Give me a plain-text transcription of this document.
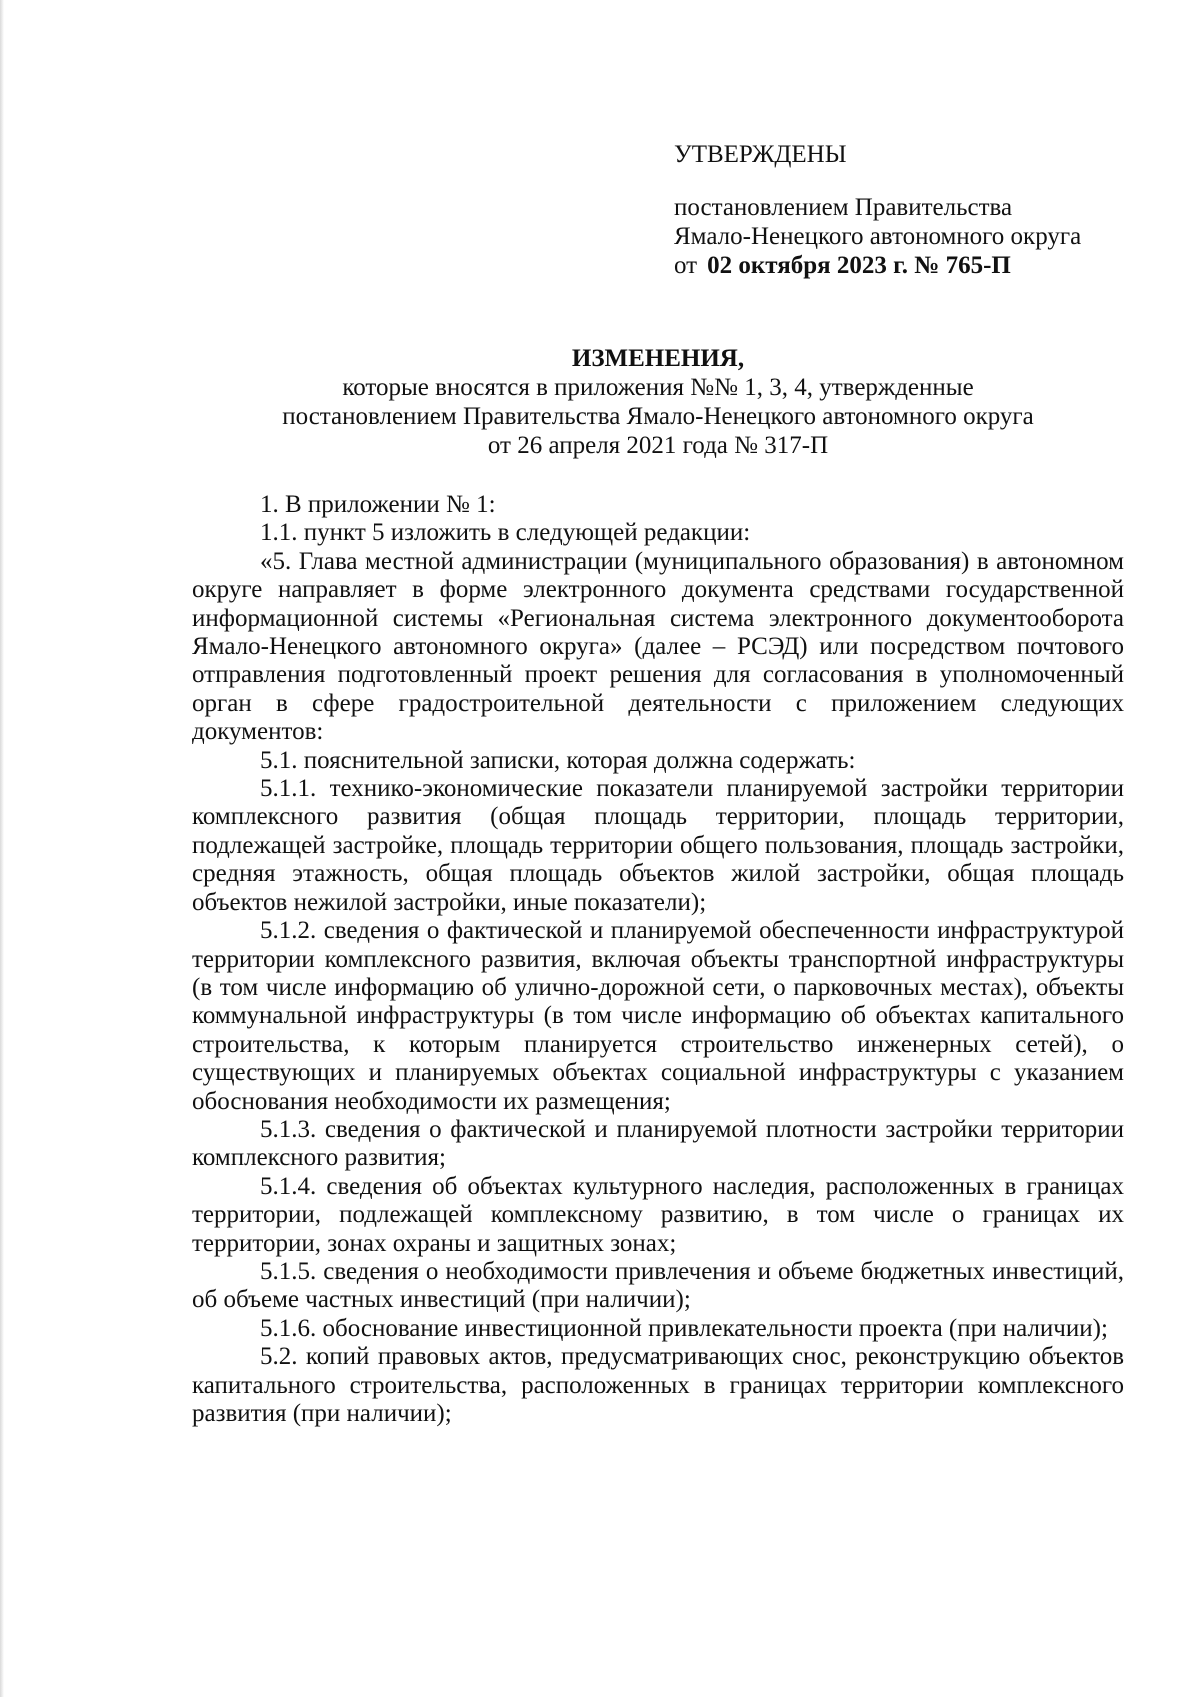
УТВЕРЖДЕНЫ

постановлением Правительства

Ямало-Ненецкого автономного округа

от 02 октября 2023 г. № 765-П

ИЗМЕНЕНИЯ,

которые вносятся в приложения №№ 1, 3, 4, утвержденные

постановлением Правительства Ямало-Ненецкого автономного округа

от 26 апреля 2021 года № 317-П

1. В приложении № 1:

1.1. пункт 5 изложить в следующей редакции:

«5. Глава местной администрации (муниципального образования) в автономном округе направляет в форме электронного документа средствами государственной информационной системы «Региональная система электронного документооборота Ямало-Ненецкого автономного округа» (далее – РСЭД) или посредством почтового отправления подготовленный проект решения для согласования в уполномоченный орган в сфере градостроительной деятельности с приложением следующих документов:

5.1. пояснительной записки, которая должна содержать:

5.1.1. технико-экономические показатели планируемой застройки территории комплексного развития (общая площадь территории, площадь территории, подлежащей застройке, площадь территории общего пользования, площадь застройки, средняя этажность, общая площадь объектов жилой застройки, общая площадь объектов нежилой застройки, иные показатели);

5.1.2. сведения о фактической и планируемой обеспеченности инфраструктурой территории комплексного развития, включая объекты транспортной инфраструктуры (в том числе информацию об улично-дорожной сети, о парковочных местах), объекты коммунальной инфраструктуры (в том числе информацию об объектах капитального строительства, к которым планируется строительство инженерных сетей), о существующих и планируемых объектах социальной инфраструктуры с указанием обоснования необходимости их размещения;

5.1.3. сведения о фактической и планируемой плотности застройки территории комплексного развития;

5.1.4. сведения об объектах культурного наследия, расположенных в границах территории, подлежащей комплексному развитию, в том числе о границах их территории, зонах охраны и защитных зонах;

5.1.5. сведения о необходимости привлечения и объеме бюджетных инвестиций, об объеме частных инвестиций (при наличии);

5.1.6. обоснование инвестиционной привлекательности проекта (при наличии);

5.2. копий правовых актов, предусматривающих снос, реконструкцию объектов капитального строительства, расположенных в границах территории комплексного развития (при наличии);
